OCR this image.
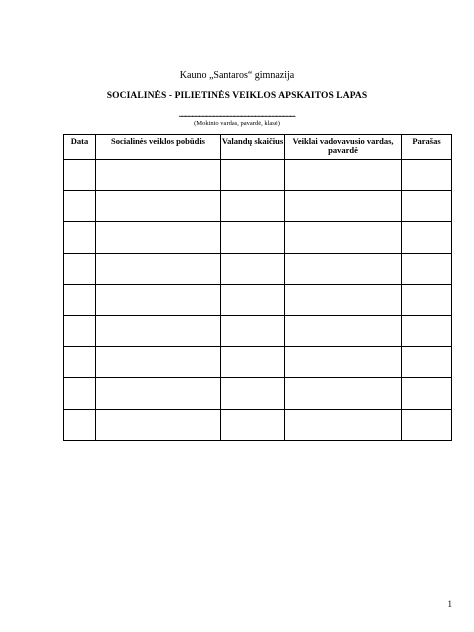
Kauno „Santaros“ gimnazija
SOCIALINĖS - PILIETINĖS VEIKLOS APSKAITOS LAPAS
...................................................................................
(Mokinio vardas, pavardė, klasė)
Data	Socialinės veiklos pobūdis	Valandų skaičius	Veiklai vadovavusio vardas, pavardė	Parašas

1
